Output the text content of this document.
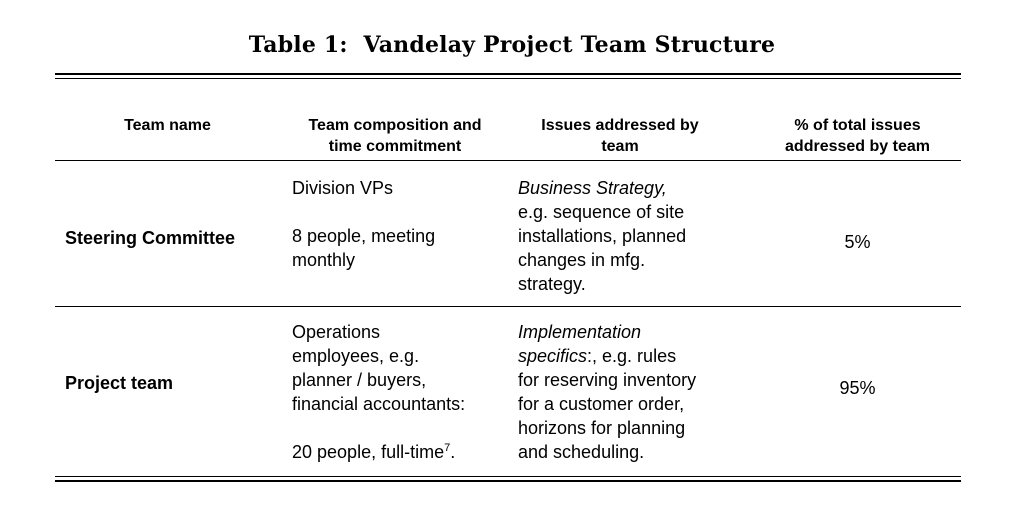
Table 1: Vandelay Project Team Structure
Team name	Team composition and
time commitment
Issues addressed by
team
% of total issues
addressed by team
Steering Committee
Division VPs

8 people, meeting
monthly
Business Strategy,
e.g. sequence of site
installations, planned
changes in mfg.
strategy.
5%
Project team
Operations
employees, e.g.
planner / buyers,
financial accountants:

20 people, full-time$^7$.
Implementation
specifics:, e.g. rules
for reserving inventory
for a customer order,
horizons for planning
and scheduling.
95%
